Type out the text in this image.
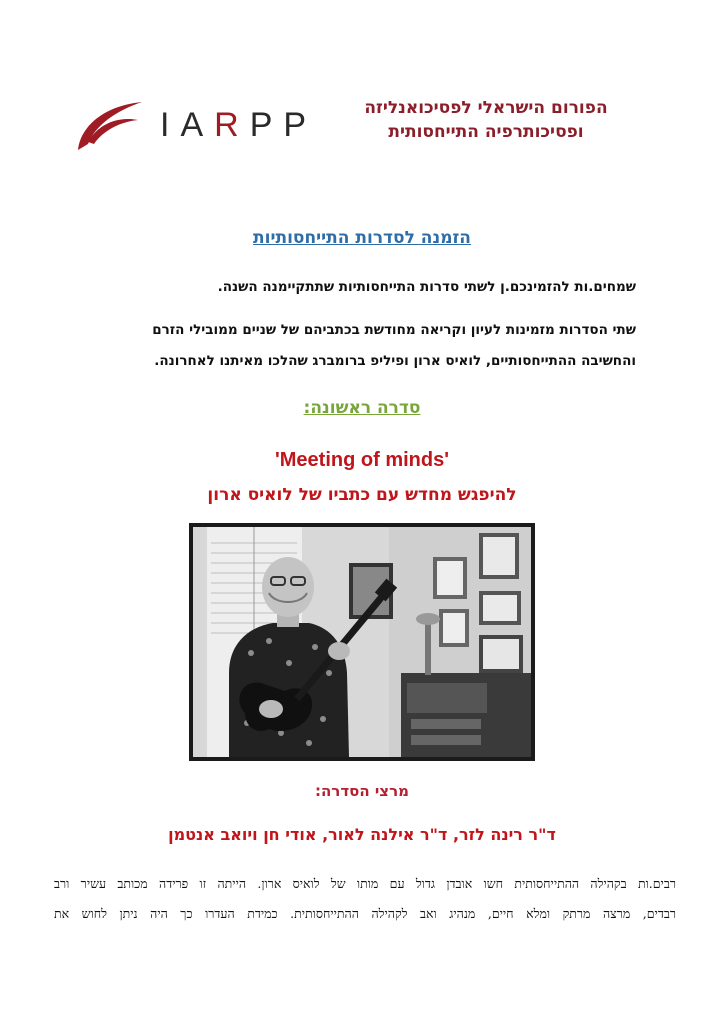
IARPP	הפורום הישראלי לפסיכואנליזה
ופסיכותרפיה התייחסותית
הזמנה לסדרות התייחסותיות
שמחים.ות להזמינכם.ן לשתי סדרות התייחסותיות שתתקיימנה השנה.
שתי הסדרות מזמינות לעיון וקריאה מחודשת בכתביהם של שניים ממובילי הזרם
והחשיבה ההתייחסותיים, לואיס ארון ופיליפ ברומברג שהלכו מאיתנו לאחרונה.
סדרה ראשונה:
'Meeting of minds'
להיפגש מחדש עם כתביו של לואיס ארון
מרצי הסדרה:
ד"ר רינה לזר, ד"ר אילנה לאור, אודי חן ויואב אנטמן
רבים.ות בקהילה ההתייחסותית חשו אובדן גדול עם מותו של לואיס ארון. הייתה זו פרידה מכותב עשיר ורב
רבדים, מרצה מרתק ומלא חיים, מנהיג ואב לקהילה ההתייחסותית. כמידת העדרו כך היה ניתן לחוש את
